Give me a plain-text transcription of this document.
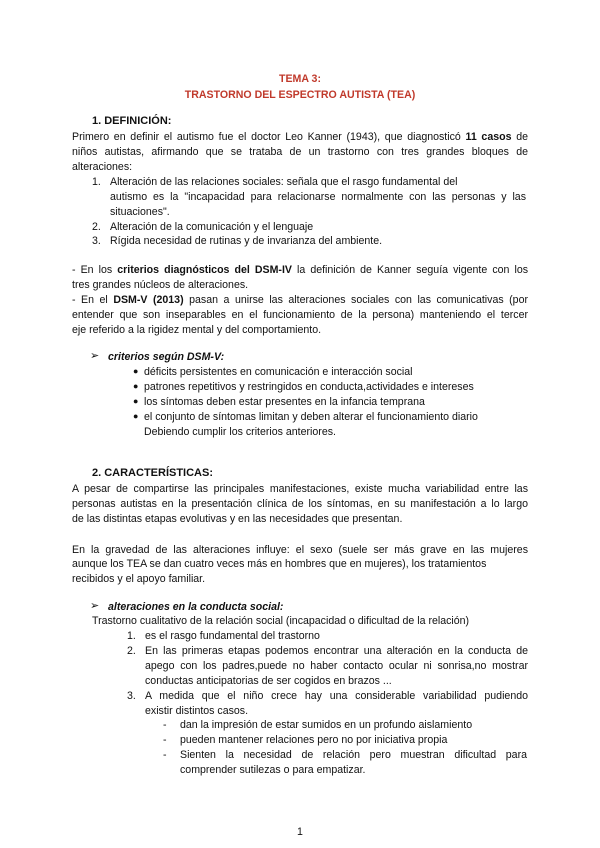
TEMA 3:
TRASTORNO DEL ESPECTRO AUTISTA (TEA)
1. DEFINICIÓN:
Primero en definir el autismo fue el doctor Leo Kanner (1943), que diagnosticó 11 casos de
niños autistas, afirmando que se trataba de un trastorno con tres grandes bloques de
alteraciones:
1. Alteración de las relaciones sociales: señala que el rasgo fundamental del
autismo es la "incapacidad para relacionarse normalmente con las personas y las
situaciones".
2. Alteración de la comunicación y el lenguaje
3. Rígida necesidad de rutinas y de invarianza del ambiente.
- En los criterios diagnósticos del DSM-IV la definición de Kanner seguía vigente con los
tres grandes núcleos de alteraciones.
- En el DSM-V (2013) pasan a unirse las alteraciones sociales con las comunicativas (por
entender que son inseparables en el funcionamiento de la persona) manteniendo el tercer
eje referido a la rigidez mental y del comportamiento.
➢ criterios según DSM-V:
● déficits persistentes en comunicación e interacción social
● patrones repetitivos y restringidos en conducta,actividades e intereses
● los síntomas deben estar presentes en la infancia temprana
● el conjunto de síntomas limitan y deben alterar el funcionamiento diario
Debiendo cumplir los criterios anteriores.
2. CARACTERÍSTICAS:
A pesar de compartirse las principales manifestaciones, existe mucha variabilidad entre las
personas autistas en la presentación clínica de los síntomas, en su manifestación a lo largo
de las distintas etapas evolutivas y en las necesidades que presentan.
En la gravedad de las alteraciones influye: el sexo (suele ser más grave en las mujeres
aunque los TEA se dan cuatro veces más en hombres que en mujeres), los tratamientos
recibidos y el apoyo familiar.
➢ alteraciones en la conducta social:
Trastorno cualitativo de la relación social (incapacidad o dificultad de la relación)
1. es el rasgo fundamental del trastorno
2. En las primeras etapas podemos encontrar una alteración en la conducta de
apego con los padres,puede no haber contacto ocular ni sonrisa,no mostrar
conductas anticipatorias de ser cogidos en brazos ...
3. A medida que el niño crece hay una considerable variabilidad pudiendo
existir distintos casos.
- dan la impresión de estar sumidos en un profundo aislamiento
- pueden mantener relaciones pero no por iniciativa propia
- Sienten la necesidad de relación pero muestran dificultad para
comprender sutilezas o para empatizar.
1
